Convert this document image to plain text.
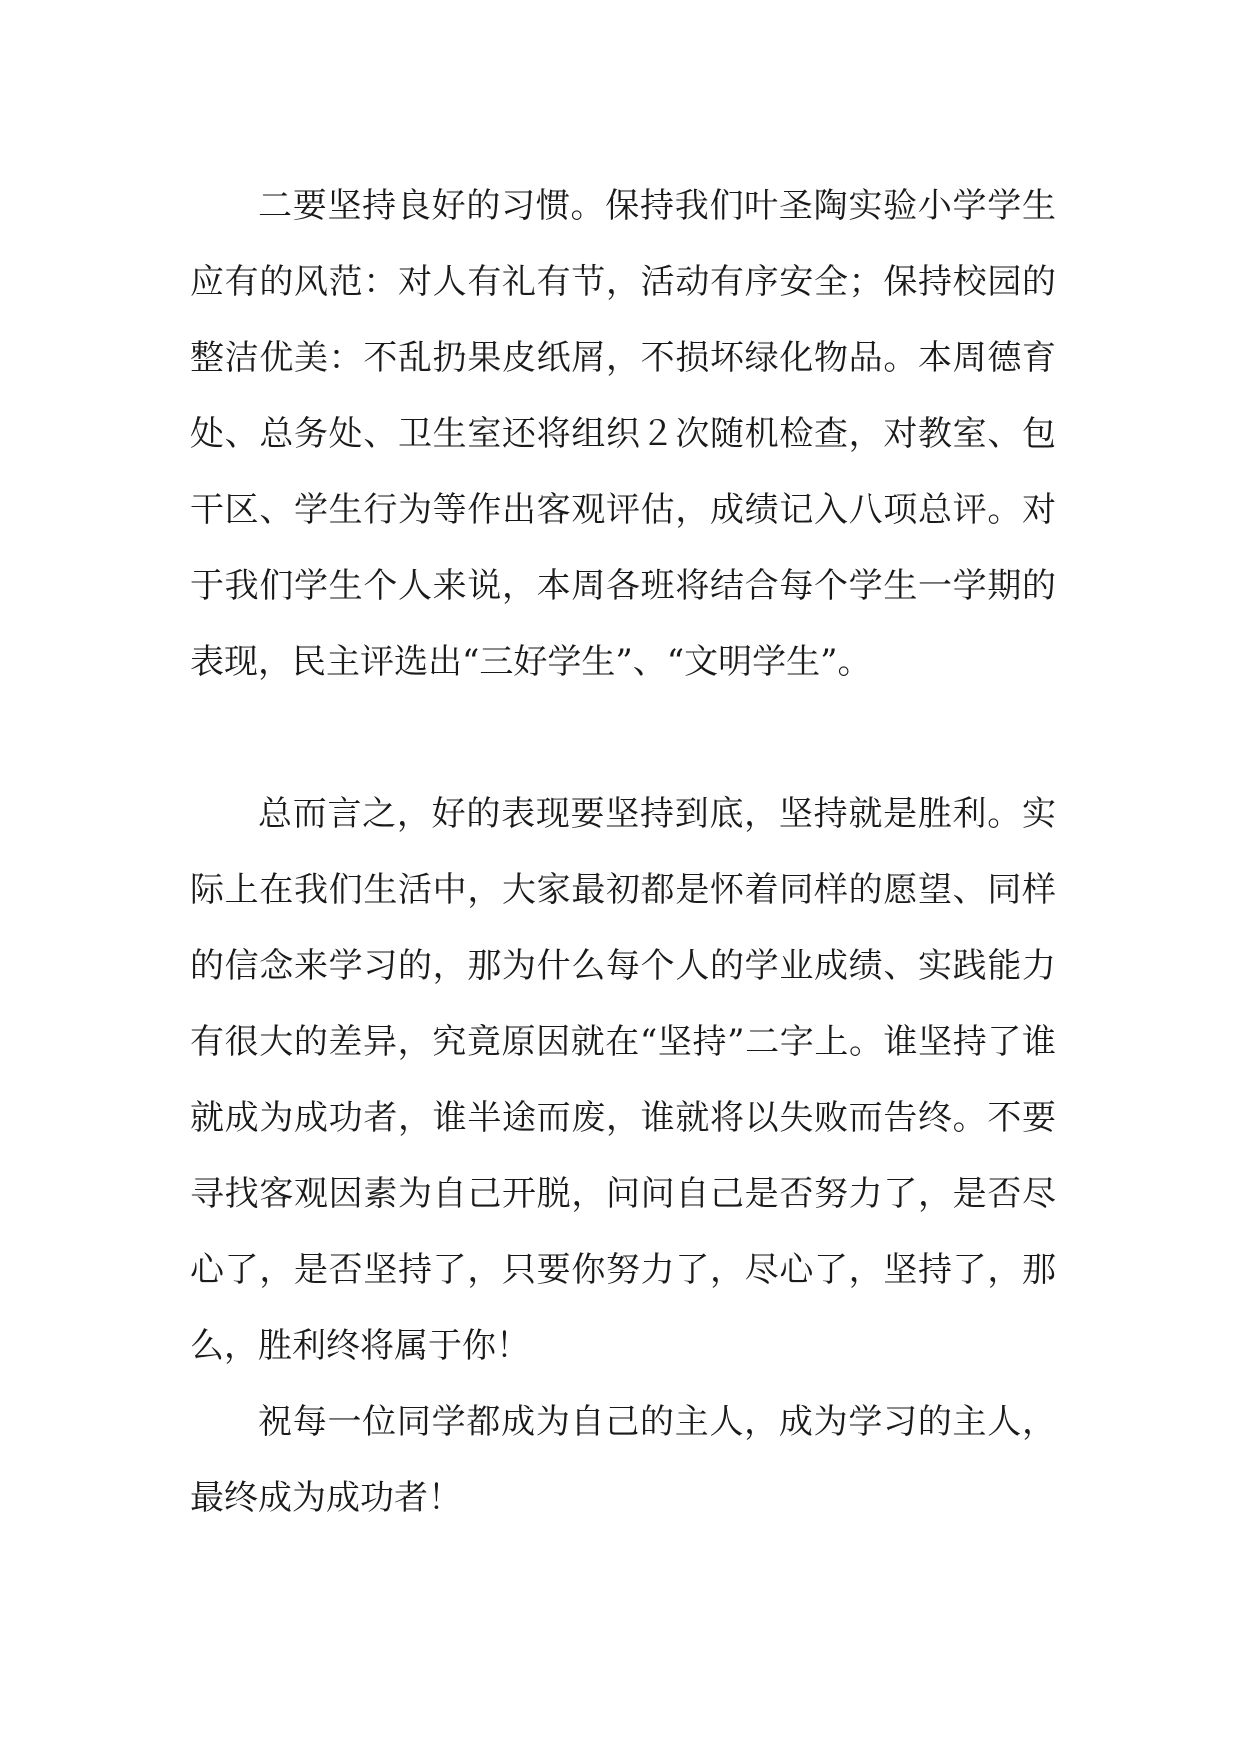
二要坚持良好的习惯。保持我们叶圣陶实验小学学生应有的风范：对人有礼有节，活动有序安全；保持校园的整洁优美：不乱扔果皮纸屑，不损坏绿化物品。本周德育处、总务处、卫生室还将组织２次随机检查，对教室、包干区、学生行为等作出客观评估，成绩记入八项总评。对于我们学生个人来说，本周各班将结合每个学生一学期的表现，民主评选出“三好学生”、“文明学生”。

总而言之，好的表现要坚持到底，坚持就是胜利。实际上在我们生活中，大家最初都是怀着同样的愿望、同样的信念来学习的，那为什么每个人的学业成绩、实践能力有很大的差异，究竟原因就在“坚持”二字上。谁坚持了谁就成为成功者，谁半途而废，谁就将以失败而告终。不要寻找客观因素为自己开脱，问问自己是否努力了，是否尽心了，是否坚持了，只要你努力了，尽心了，坚持了，那么，胜利终将属于你！

祝每一位同学都成为自己的主人，成为学习的主人，最终成为成功者！
